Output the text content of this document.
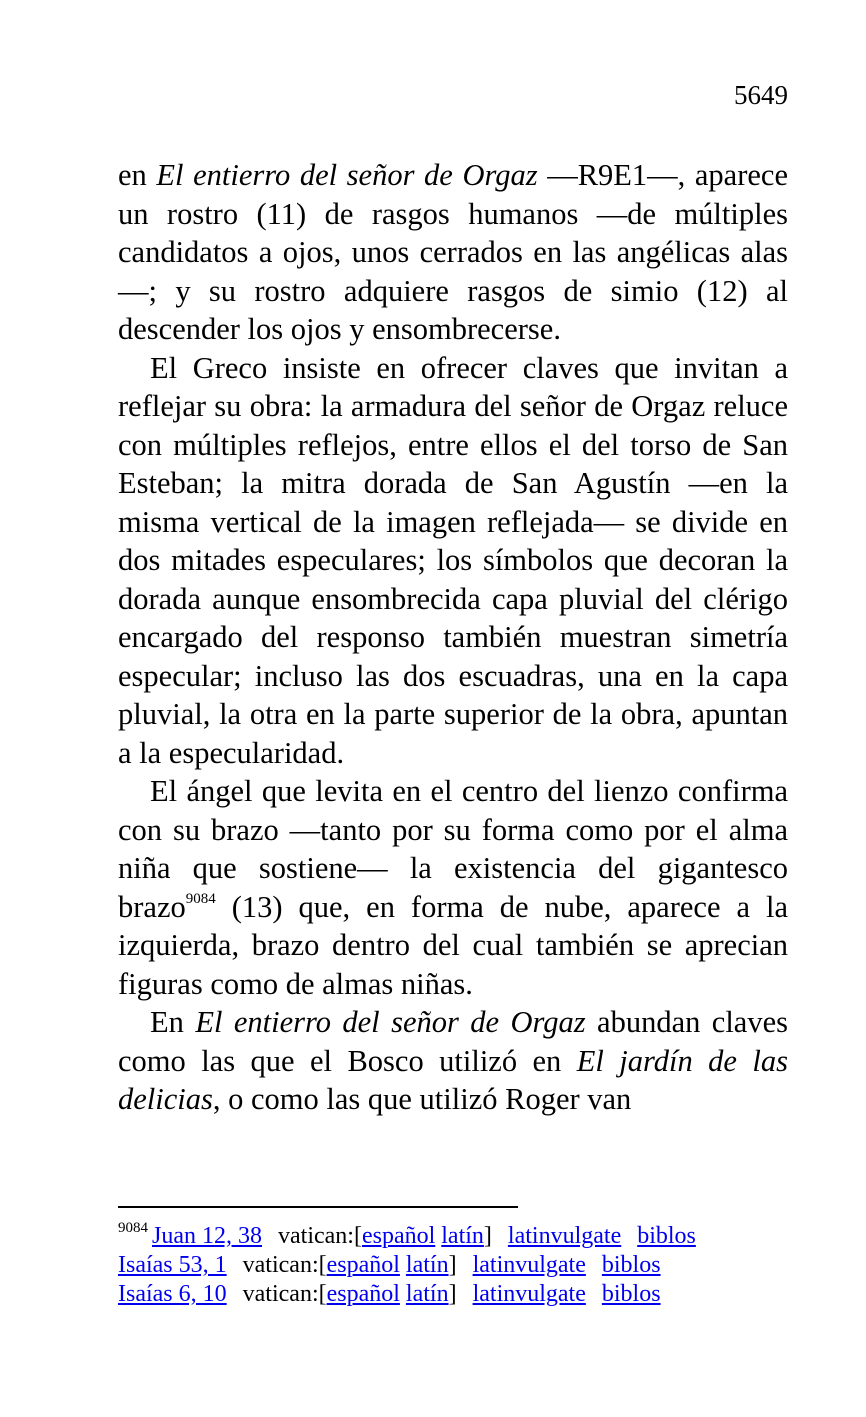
5649

en El entierro del señor de Orgaz —R9E1—, aparece un rostro (11) de rasgos humanos —de múltiples candidatos a ojos, unos cerrados en las angélicas alas—; y su rostro adquiere rasgos de simio (12) al descender los ojos y ensombrecerse.

El Greco insiste en ofrecer claves que invitan a reflejar su obra: la armadura del señor de Orgaz reluce con múltiples reflejos, entre ellos el del torso de San Esteban; la mitra dorada de San Agustín —en la misma vertical de la imagen reflejada— se divide en dos mitades especulares; los símbolos que decoran la dorada aunque ensombrecida capa pluvial del clérigo encargado del responso también muestran simetría especular; incluso las dos escuadras, una en la capa pluvial, la otra en la parte superior de la obra, apuntan a la especularidad.

El ángel que levita en el centro del lienzo confirma con su brazo —tanto por su forma como por el alma niña que sostiene— la existencia del gigantesco brazo$^{9084}$ (13) que, en forma de nube, aparece a la izquierda, brazo dentro del cual también se aprecian figuras como de almas niñas.

En El entierro del señor de Orgaz abundan claves como las que el Bosco utilizó en El jardín de las delicias, o como las que utilizó Roger van

$^{9084}$ Juan 12, 38 vatican:[español latín] latinvulgate biblos
Isaías 53, 1 vatican:[español latín] latinvulgate biblos
Isaías 6, 10 vatican:[español latín] latinvulgate biblos
